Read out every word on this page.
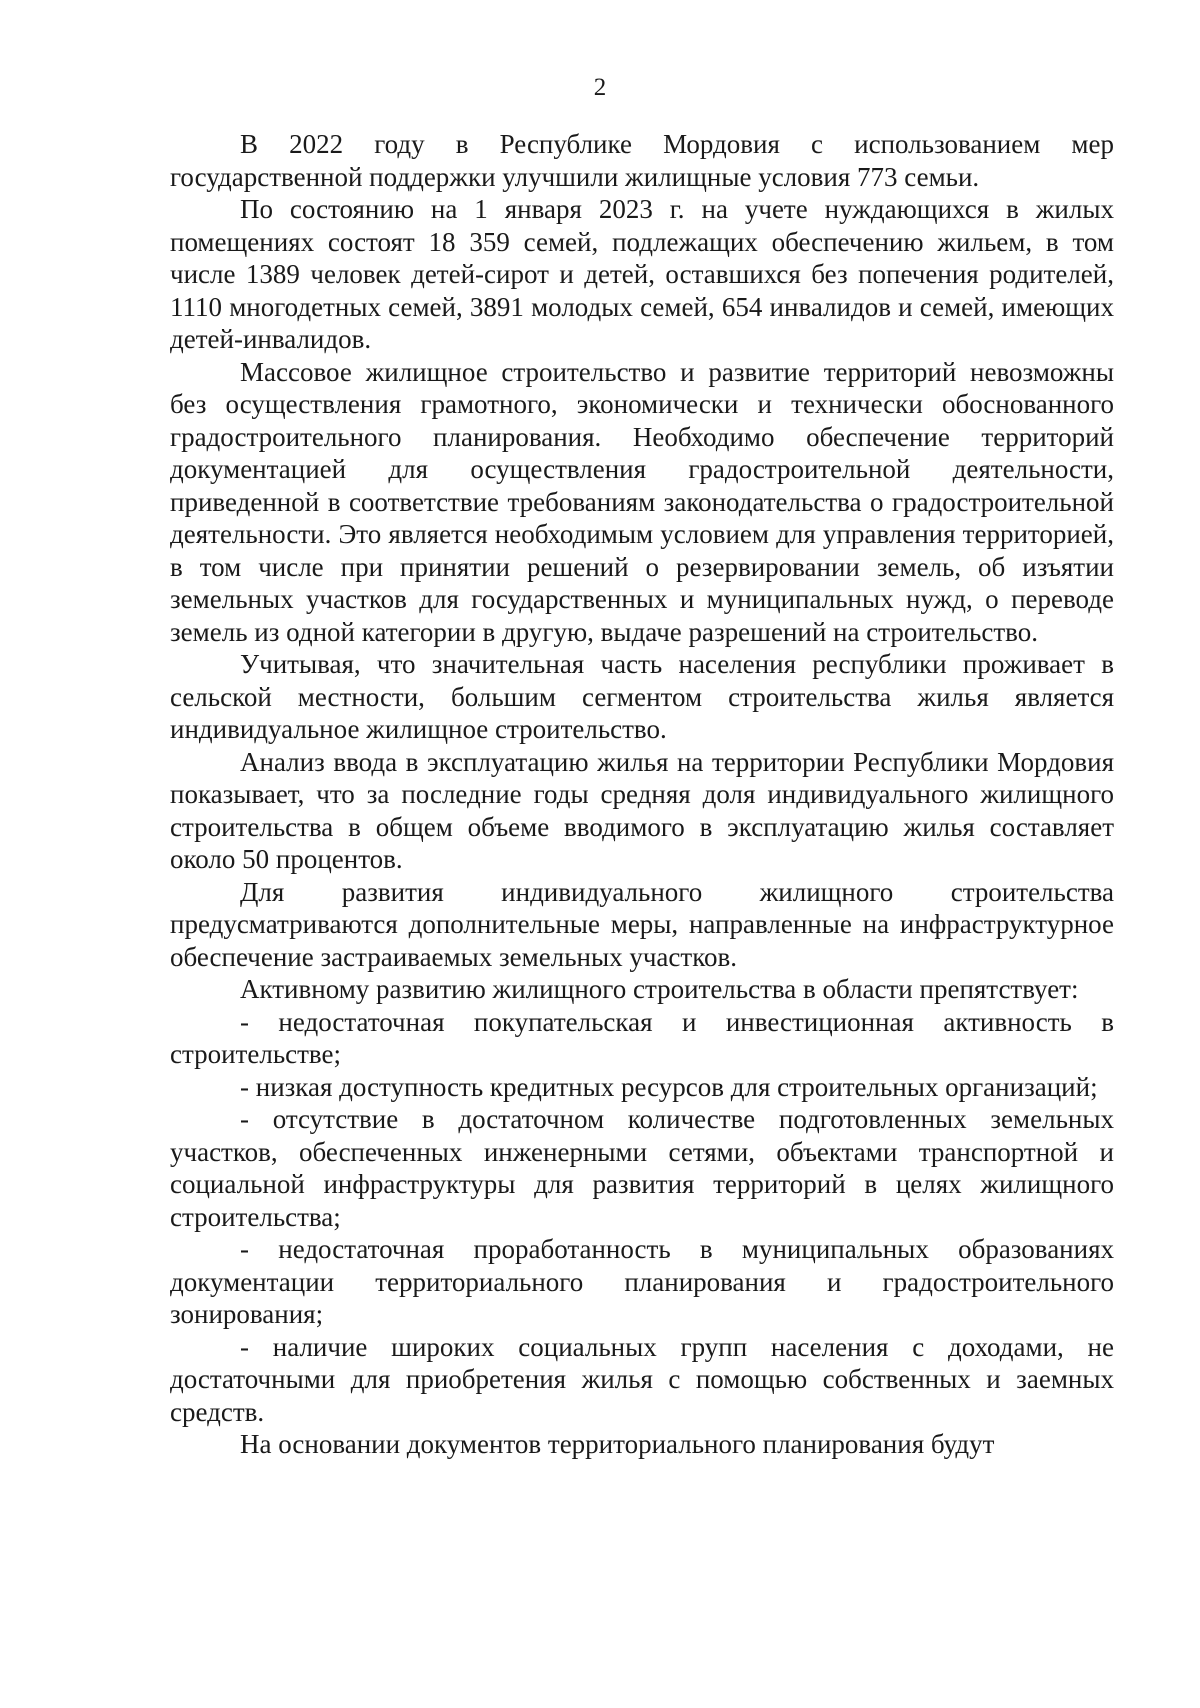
2

В 2022 году в Республике Мордовия с использованием мер государственной поддержки улучшили жилищные условия 773 семьи.

По состоянию на 1 января 2023 г. на учете нуждающихся в жилых помещениях состоят 18 359 семей, подлежащих обеспечению жильем, в том числе 1389 человек детей-сирот и детей, оставшихся без попечения родителей, 1110 многодетных семей, 3891 молодых семей, 654 инвалидов и семей, имеющих детей-инвалидов.

Массовое жилищное строительство и развитие территорий невозможны без осуществления грамотного, экономически и технически обоснованного градостроительного планирования. Необходимо обеспечение территорий документацией для осуществления градостроительной деятельности, приведенной в соответствие требованиям законодательства о градостроительной деятельности. Это является необходимым условием для управления территорией, в том числе при принятии решений о резервировании земель, об изъятии земельных участков для государственных и муниципальных нужд, о переводе земель из одной категории в другую, выдаче разрешений на строительство.

Учитывая, что значительная часть населения республики проживает в сельской местности, большим сегментом строительства жилья является индивидуальное жилищное строительство.

Анализ ввода в эксплуатацию жилья на территории Республики Мордовия показывает, что за последние годы средняя доля индивидуального жилищного строительства в общем объеме вводимого в эксплуатацию жилья составляет около 50 процентов.

Для развития индивидуального жилищного строительства предусматриваются дополнительные меры, направленные на инфраструктурное обеспечение застраиваемых земельных участков.

Активному развитию жилищного строительства в области препятствует:

- недостаточная покупательская и инвестиционная активность в строительстве;

- низкая доступность кредитных ресурсов для строительных организаций;

- отсутствие в достаточном количестве подготовленных земельных участков, обеспеченных инженерными сетями, объектами транспортной и социальной инфраструктуры для развития территорий в целях жилищного строительства;

- недостаточная проработанность в муниципальных образованиях документации территориального планирования и градостроительного зонирования;

- наличие широких социальных групп населения с доходами, не достаточными для приобретения жилья с помощью собственных и заемных средств.

На основании документов территориального планирования будут
